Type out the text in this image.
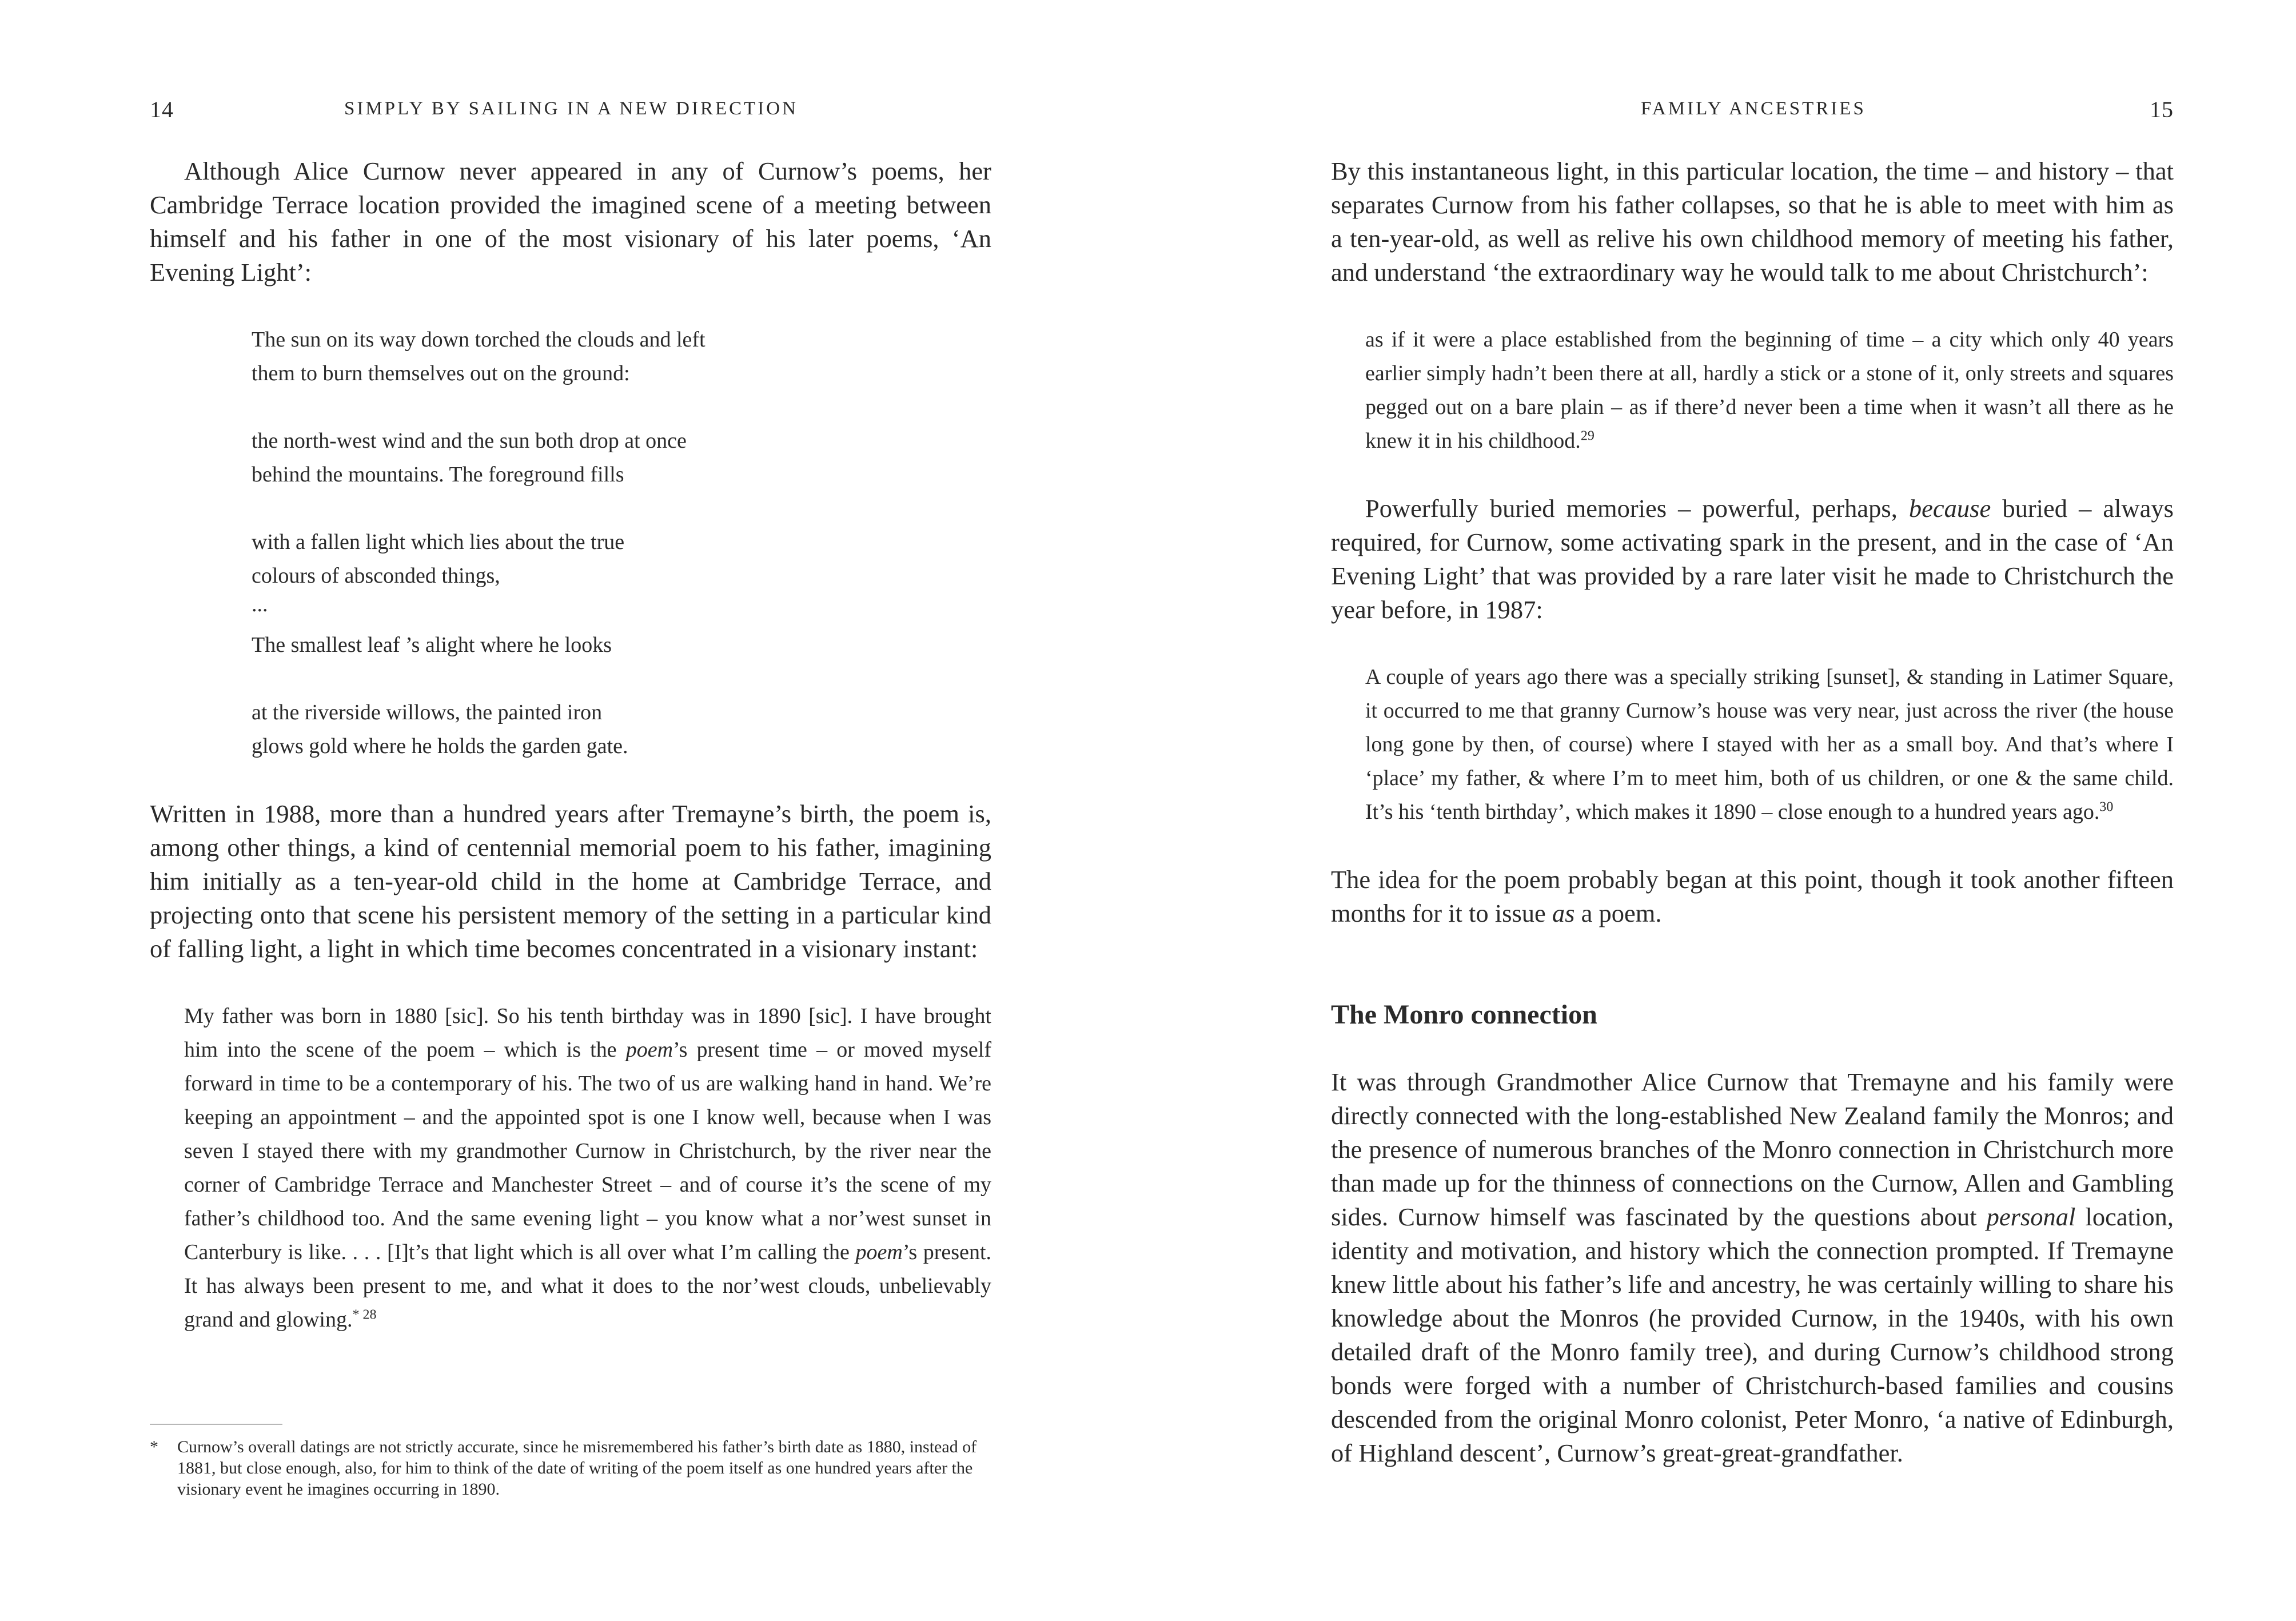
14	SIMPLY BY SAILING IN A NEW DIRECTION

Although Alice Curnow never appeared in any of Curnow’s poems, her Cambridge Terrace location provided the imagined scene of a meeting between himself and his father in one of the most visionary of his later poems, ‘An Evening Light’:

The sun on its way down torched the clouds and left
them to burn themselves out on the ground:
the north-west wind and the sun both drop at once
behind the mountains. The foreground fills
with a fallen light which lies about the true
colours of absconded things,
...
The smallest leaf ’s alight where he looks
at the riverside willows, the painted iron
glows gold where he holds the garden gate.

Written in 1988, more than a hundred years after Tremayne’s birth, the poem is, among other things, a kind of centennial memorial poem to his father, imagining him initially as a ten-year-old child in the home at Cambridge Terrace, and projecting onto that scene his persistent memory of the setting in a particular kind of falling light, a light in which time becomes concentrated in a visionary instant:

My father was born in 1880 [sic]. So his tenth birthday was in 1890 [sic]. I have brought him into the scene of the poem – which is the poem’s present time – or moved myself forward in time to be a contemporary of his. The two of us are walking hand in hand. We’re keeping an appointment – and the appointed spot is one I know well, because when I was seven I stayed there with my grandmother Curnow in Christchurch, by the river near the corner of Cambridge Terrace and Manchester Street – and of course it’s the scene of my father’s childhood too. And the same evening light – you know what a nor’west sunset in Canterbury is like. . . . [I]t’s that light which is all over what I’m calling the poem’s present. It has always been present to me, and what it does to the nor’west clouds, unbelievably grand and glowing.$^{* 28}$

*	Curnow’s overall datings are not strictly accurate, since he misremembered his father’s birth date as 1880, instead of 1881, but close enough, also, for him to think of the date of writing of the poem itself as one hundred years after the visionary event he imagines occurring in 1890.
FAMILY ANCESTRIES	15

By this instantaneous light, in this particular location, the time – and history – that separates Curnow from his father collapses, so that he is able to meet with him as a ten-year-old, as well as relive his own childhood memory of meeting his father, and understand ‘the extraordinary way he would talk to me about Christchurch’:

as if it were a place established from the beginning of time – a city which only 40 years earlier simply hadn’t been there at all, hardly a stick or a stone of it, only streets and squares pegged out on a bare plain – as if there’d never been a time when it wasn’t all there as he knew it in his childhood.$^{29}$

Powerfully buried memories – powerful, perhaps, because buried – always required, for Curnow, some activating spark in the present, and in the case of ‘An Evening Light’ that was provided by a rare later visit he made to Christchurch the year before, in 1987:

A couple of years ago there was a specially striking [sunset], & standing in Latimer Square, it occurred to me that granny Curnow’s house was very near, just across the river (the house long gone by then, of course) where I stayed with her as a small boy. And that’s where I ‘place’ my father, & where I’m to meet him, both of us children, or one & the same child. It’s his ‘tenth birthday’, which makes it 1890 – close enough to a hundred years ago.$^{30}$

The idea for the poem probably began at this point, though it took another fifteen months for it to issue as a poem.

The Monro connection

It was through Grandmother Alice Curnow that Tremayne and his family were directly connected with the long-established New Zealand family the Monros; and the presence of numerous branches of the Monro connection in Christchurch more than made up for the thinness of connections on the Curnow, Allen and Gambling sides. Curnow himself was fascinated by the questions about personal location, identity and motivation, and history which the connection prompted. If Tremayne knew little about his father’s life and ancestry, he was certainly willing to share his knowledge about the Monros (he provided Curnow, in the 1940s, with his own detailed draft of the Monro family tree), and during Curnow’s childhood strong bonds were forged with a number of Christchurch-based families and cousins descended from the original Monro colonist, Peter Monro, ‘a native of Edinburgh, of Highland descent’, Curnow’s great-great-grandfather.
